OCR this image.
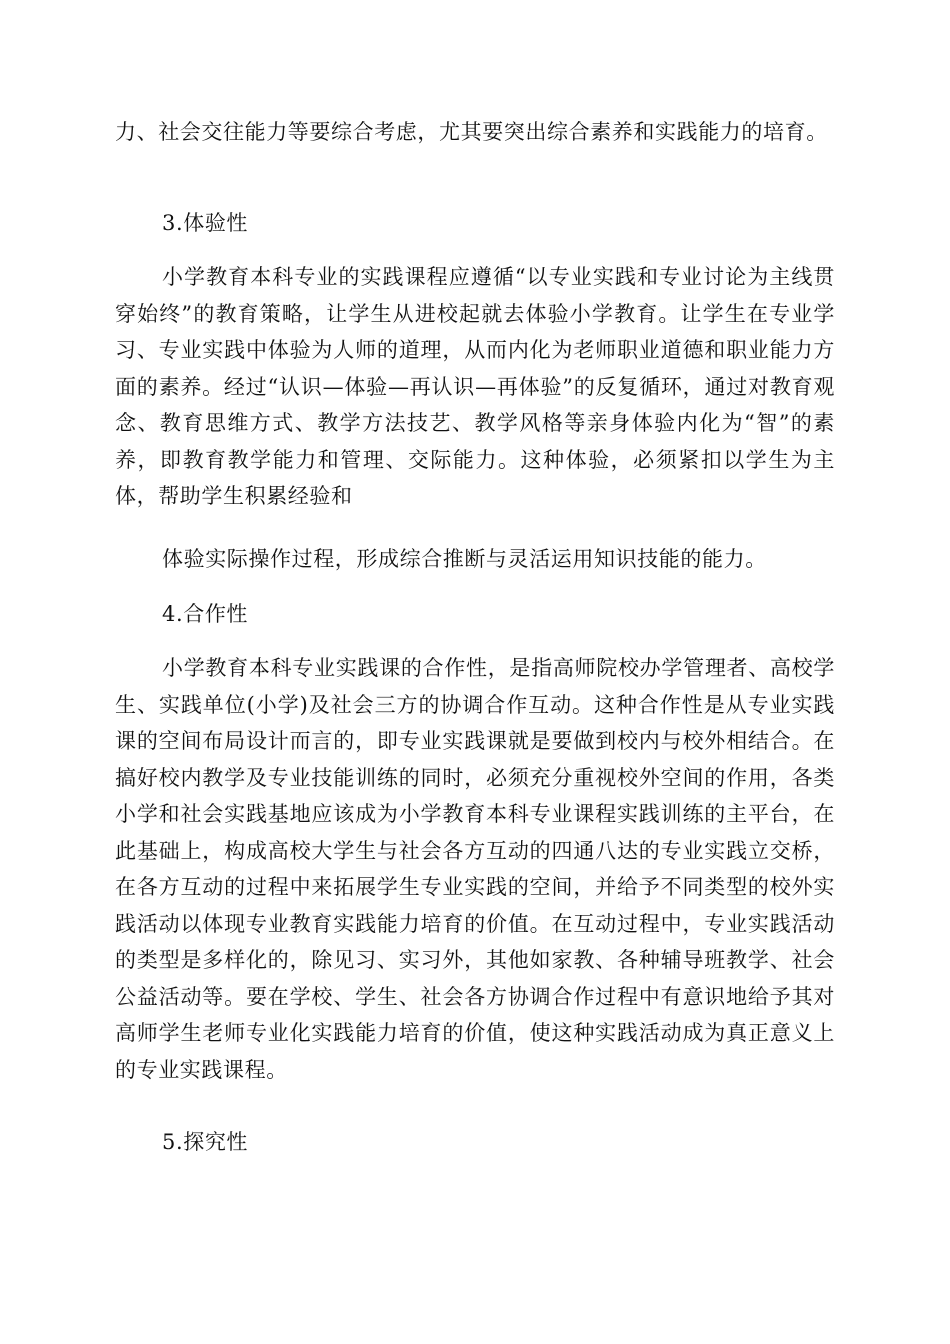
力、社会交往能力等要综合考虑，尤其要突出综合素养和实践能力的培育。

3.体验性

小学教育本科专业的实践课程应遵循“以专业实践和专业讨论为主线贯穿始终”的教育策略，让学生从进校起就去体验小学教育。让学生在专业学习、专业实践中体验为人师的道理，从而内化为老师职业道德和职业能力方面的素养。经过“认识—体验—再认识—再体验”的反复循环，通过对教育观念、教育思维方式、教学方法技艺、教学风格等亲身体验内化为“智”的素养，即教育教学能力和管理、交际能力。这种体验，必须紧扣以学生为主体，帮助学生积累经验和

体验实际操作过程，形成综合推断与灵活运用知识技能的能力。

4.合作性

小学教育本科专业实践课的合作性，是指高师院校办学管理者、高校学生、实践单位(小学)及社会三方的协调合作互动。这种合作性是从专业实践课的空间布局设计而言的，即专业实践课就是要做到校内与校外相结合。在搞好校内教学及专业技能训练的同时，必须充分重视校外空间的作用，各类小学和社会实践基地应该成为小学教育本科专业课程实践训练的主平台，在此基础上，构成高校大学生与社会各方互动的四通八达的专业实践立交桥，在各方互动的过程中来拓展学生专业实践的空间，并给予不同类型的校外实践活动以体现专业教育实践能力培育的价值。在互动过程中，专业实践活动的类型是多样化的，除见习、实习外，其他如家教、各种辅导班教学、社会公益活动等。要在学校、学生、社会各方协调合作过程中有意识地给予其对高师学生老师专业化实践能力培育的价值，使这种实践活动成为真正意义上的专业实践课程。

5.探究性
